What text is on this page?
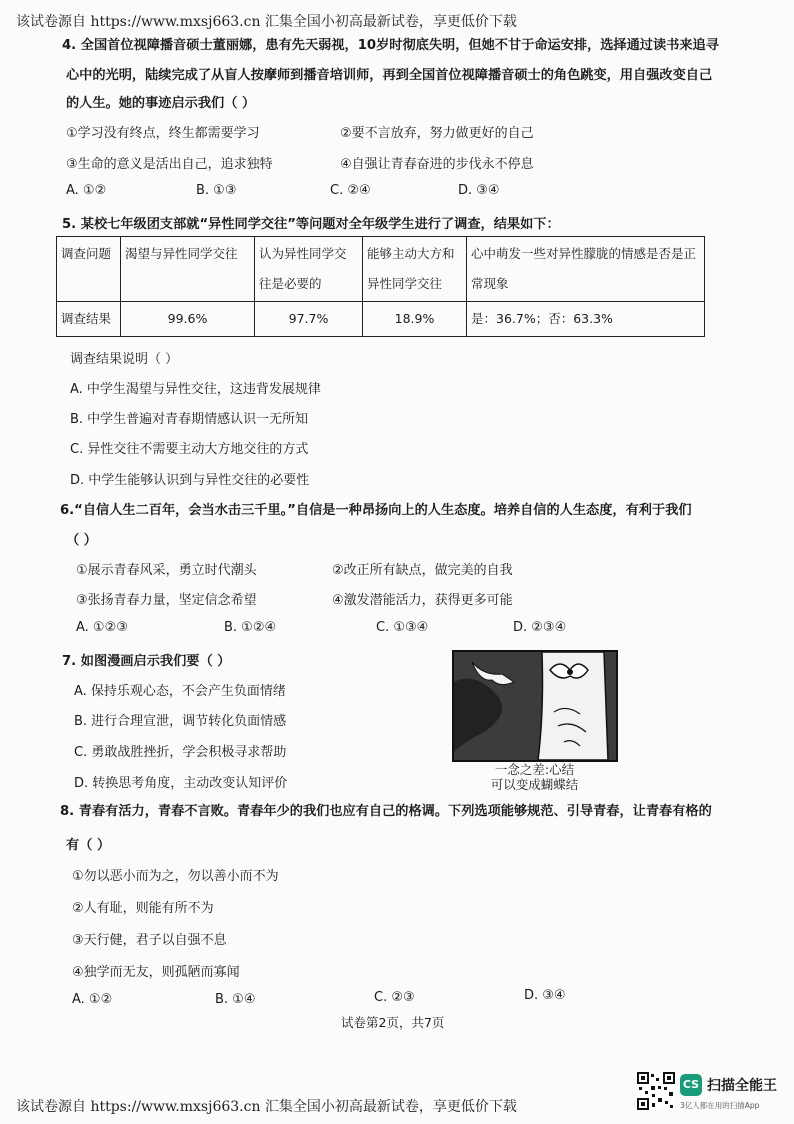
该试卷源自 https://www.mxsj663.cn 汇集全国小初高最新试卷，享更低价下载
4. 全国首位视障播音硕士董丽娜，患有先天弱视，10岁时彻底失明，但她不甘于命运安排，选择通过读书来追寻
心中的光明，陆续完成了从盲人按摩师到播音培训师，再到全国首位视障播音硕士的角色跳变，用自强改变自己
的人生。她的事迹启示我们（ ）
①学习没有终点，终生都需要学习	②要不言放弃，努力做更好的自己
③生命的意义是活出自己，追求独特	④自强让青春奋进的步伐永不停息
A. ①②	B. ①③	C. ②④	D. ③④
5. 某校七年级团支部就“异性同学交往”等问题对全年级学生进行了调查，结果如下：
调查问题	渴望与异性同学交往	认为异性同学交往是必要的	能够主动大方和异性同学交往	心中萌发一些对异性朦胧的情感是否是正常现象
调查结果	99.6%	97.7%	18.9%	是：36.7%；否：63.3%
调查结果说明（ ）
A. 中学生渴望与异性交往，这违背发展规律
B. 中学生普遍对青春期情感认识一无所知
C. 异性交往不需要主动大方地交往的方式
D. 中学生能够认识到与异性交往的必要性
6.“自信人生二百年，会当水击三千里。”自信是一种昂扬向上的人生态度。培养自信的人生态度，有利于我们
（ ）
①展示青春风采，勇立时代潮头	②改正所有缺点，做完美的自我
③张扬青春力量，坚定信念希望	④激发潜能活力，获得更多可能
A. ①②③	B. ①②④	C. ①③④	D. ②③④
7. 如图漫画启示我们要（ ）
A. 保持乐观心态，不会产生负面情绪
B. 进行合理宣泄，调节转化负面情感
C. 勇敢战胜挫折，学会积极寻求帮助
D. 转换思考角度，主动改变认知评价
一念之差:心结
可以变成蝴蝶结
8. 青春有活力，青春不言败。青春年少的我们也应有自己的格调。下列选项能够规范、引导青春，让青春有格的
有（ ）
①勿以恶小而为之，勿以善小而不为
②人有耻，则能有所不为
③天行健，君子以自强不息
④独学而无友，则孤陋而寡闻
A. ①②	B. ①④	C. ②③	D. ③④
试卷第2页，共7页
该试卷源自 https://www.mxsj663.cn 汇集全国小初高最新试卷，享更低价下载
CS 扫描全能王
3亿人都在用的扫描App
